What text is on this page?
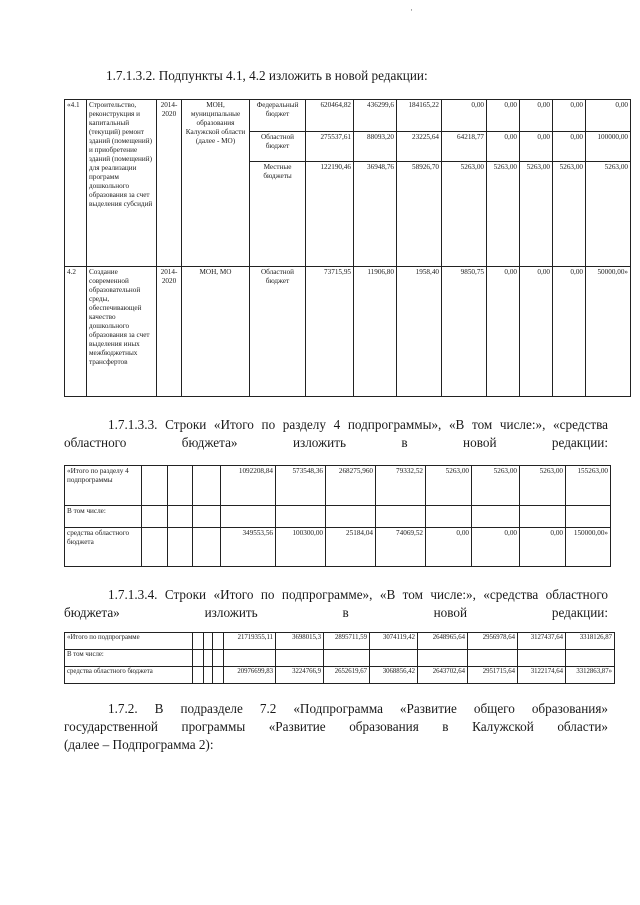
·
1.7.1.3.2. Подпункты 4.1, 4.2 изложить в новой редакции:
«4.1	Строительство, реконструкция и капитальный (текущий) ремонт зданий (помещений) и приобретение зданий (помещений) для реализации программ дошкольного образования за счет выделения субсидий	2014-2020	МОН, муниципальные образования Калужской области (далее - МО)	Федеральный бюджет	620464,82	436299,6	184165,22	0,00	0,00	0,00	0,00	0,00
				Областной бюджет	275537,61	88093,20	23225,64	64218,77	0,00	0,00	0,00	100000,00
				Местные бюджеты	122190,46	36948,76	58926,70	5263,00	5263,00	5263,00	5263,00	5263,00
4.2	Создание современной образовательной среды, обеспечивающей качество дошкольного образования за счет выделения иных межбюджетных трансфертов	2014-2020	МОН, МО	Областной бюджет	73715,95	11906,80	1958,40	9850,75	0,00	0,00	0,00	50000,00»
1.7.1.3.3. Строки «Итого по разделу 4 подпрограммы», «В том числе:», «средства областного бюджета» изложить в новой редакции:
«Итого по разделу 4 подпрограммы				1092208,84	573548,36	268275,960	79332,52	5263,00	5263,00	5263,00	155263,00
В том числе:											
средства областного бюджета				349553,56	100300,00	25184,04	74069,52	0,00	0,00	0,00	150000,00»
1.7.1.3.4. Строки «Итого по подпрограмме», «В том числе:», «средства областного бюджета» изложить в новой редакции:
«Итого по подпрограмме				21719355,11	3698015,3	2895711,59	3074119,42	2648965,64	2956978,64	3127437,64	3318126,87
В том числе:											
средства областного бюджета				20976699,83	3224766,9	2652619,67	3068856,42	2643702,64	2951715,64	3122174,64	3312863,87»
1.7.2. В подразделе 7.2 «Подпрограмма «Развитие общего образования»
государственной программы «Развитие образования в Калужской области»
(далее – Подпрограмма 2):
